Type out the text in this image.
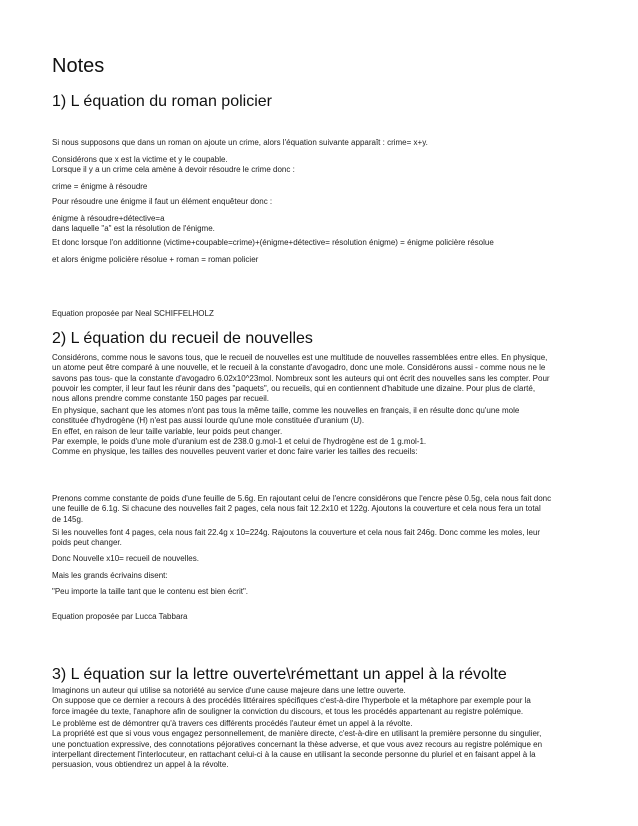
Notes
1) L équation du roman policier
Si nous supposons que dans un roman on ajoute un crime, alors l'équation suivante apparaît : crime= x+y.
Considérons que x est la victime et y le coupable.
Lorsque il y a un crime cela amène à devoir résoudre le crime donc :
crime = énigme à résoudre
Pour résoudre une énigme il faut un élément enquêteur donc :
énigme à résoudre+détective=a
dans laquelle "a" est la résolution de l'énigme.
Et donc lorsque l'on additionne (victime+coupable=crime)+(énigme+détective= résolution énigme) = énigme policière résolue
et alors énigme policière résolue + roman = roman policier
Equation proposée par Neal SCHIFFELHOLZ
2) L équation du recueil de nouvelles
Considérons, comme nous le savons tous, que le recueil de nouvelles est une multitude de nouvelles rassemblées entre elles. En physique,
un atome peut être comparé à une nouvelle, et le recueil à la constante d'avogadro, donc une mole. Considérons aussi - comme nous ne le
savons pas tous- que la constante d'avogadro 6.02x10^23mol. Nombreux sont les auteurs qui ont écrit des nouvelles sans les compter. Pour
pouvoir les compter, il leur faut les réunir dans des "paquets", ou recueils, qui en contiennent d'habitude une dizaine. Pour plus de clarté,
nous allons prendre comme constante 150 pages par recueil.
En physique, sachant que les atomes n'ont pas tous la même taille, comme les nouvelles en français, il en résulte donc qu'une mole
constituée d'hydrogène (H) n'est pas aussi lourde qu'une mole constituée d'uranium (U).
En effet, en raison de leur taille variable, leur poids peut changer.
Par exemple, le poids d'une mole d'uranium est de 238.0 g.mol-1 et celui de l'hydrogène est de 1 g.mol-1.
Comme en physique, les tailles des nouvelles peuvent varier et donc faire varier les tailles des recueils:
Prenons comme constante de poids d'une feuille de 5.6g. En rajoutant celui de l'encre considérons que l'encre pèse 0.5g, cela nous fait donc
une feuille de 6.1g. Si chacune des nouvelles fait 2 pages, cela nous fait 12.2x10 et 122g. Ajoutons la couverture et cela nous fera un total
de 145g.
Si les nouvelles font 4 pages, cela nous fait 22.4g x 10=224g. Rajoutons la couverture et cela nous fait 246g. Donc comme les moles, leur
poids peut changer.
Donc Nouvelle x10= recueil de nouvelles.
Mais les grands écrivains disent:
"Peu importe la taille tant que le contenu est bien écrit".
Equation proposée par Lucca Tabbara
3) L équation sur la lettre ouverte\rémettant un appel à la révolte
Imaginons un auteur qui utilise sa notoriété au service d'une cause majeure dans une lettre ouverte.
On suppose que ce dernier a recours à des procédés littéraires spécifiques c'est-à-dire l'hyperbole et la métaphore par exemple pour la
force imagée du texte, l'anaphore afin de souligner la conviction du discours, et tous les procédés appartenant au registre polémique.
Le problème est de démontrer qu'à travers ces différents procédés l'auteur émet un appel à la révolte.
La propriété est que si vous vous engagez personnellement, de manière directe, c'est-à-dire en utilisant la première personne du singulier,
une ponctuation expressive, des connotations péjoratives concernant la thèse adverse, et que vous avez recours au registre polémique en
interpellant directement l'interlocuteur, en rattachant celui-ci à la cause en utilisant la seconde personne du pluriel et en faisant appel à la
persuasion, vous obtiendrez un appel à la révolte.
